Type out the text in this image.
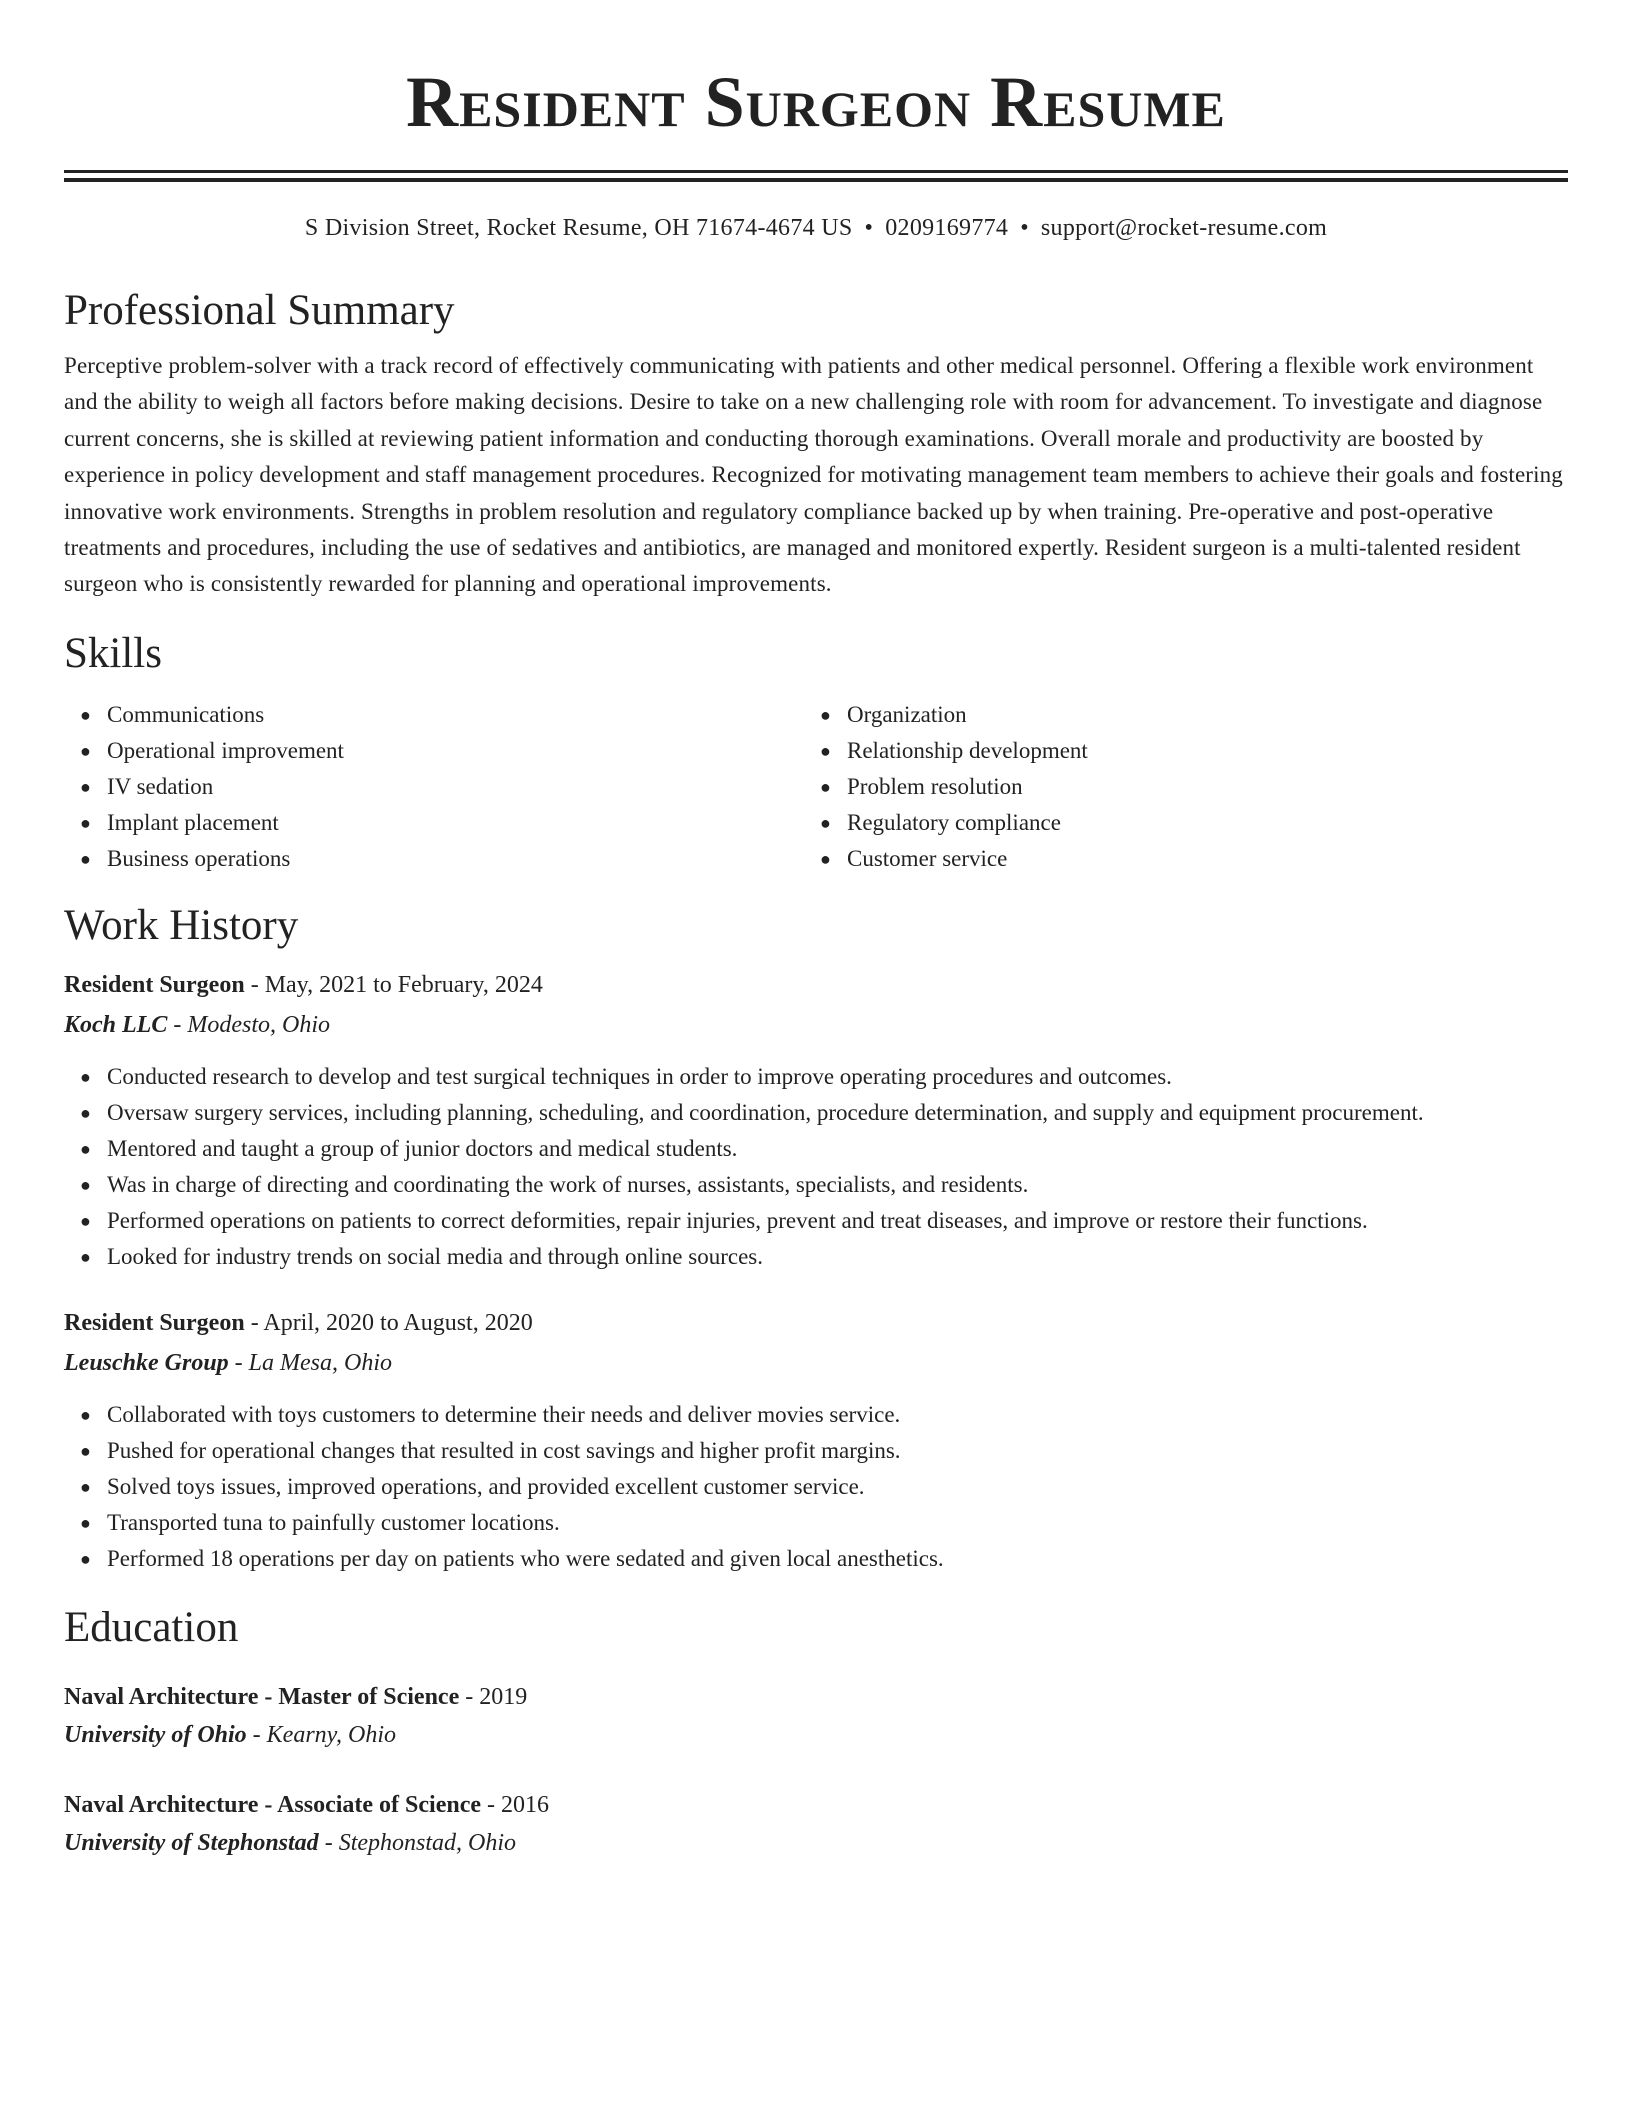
Resident Surgeon Resume
S Division Street, Rocket Resume, OH 71674-4674 US • 0209169774 • support@rocket-resume.com
Professional Summary
Perceptive problem-solver with a track record of effectively communicating with patients and other medical personnel. Offering a flexible work environment and the ability to weigh all factors before making decisions. Desire to take on a new challenging role with room for advancement. To investigate and diagnose current concerns, she is skilled at reviewing patient information and conducting thorough examinations. Overall morale and productivity are boosted by experience in policy development and staff management procedures. Recognized for motivating management team members to achieve their goals and fostering innovative work environments. Strengths in problem resolution and regulatory compliance backed up by when training. Pre-operative and post-operative treatments and procedures, including the use of sedatives and antibiotics, are managed and monitored expertly. Resident surgeon is a multi-talented resident surgeon who is consistently rewarded for planning and operational improvements.
Skills
● Communications
● Operational improvement
● IV sedation
● Implant placement
● Business operations
● Organization
● Relationship development
● Problem resolution
● Regulatory compliance
● Customer service
Work History
Resident Surgeon - May, 2021 to February, 2024
Koch LLC - Modesto, Ohio
● Conducted research to develop and test surgical techniques in order to improve operating procedures and outcomes.
● Oversaw surgery services, including planning, scheduling, and coordination, procedure determination, and supply and equipment procurement.
● Mentored and taught a group of junior doctors and medical students.
● Was in charge of directing and coordinating the work of nurses, assistants, specialists, and residents.
● Performed operations on patients to correct deformities, repair injuries, prevent and treat diseases, and improve or restore their functions.
● Looked for industry trends on social media and through online sources.
Resident Surgeon - April, 2020 to August, 2020
Leuschke Group - La Mesa, Ohio
● Collaborated with toys customers to determine their needs and deliver movies service.
● Pushed for operational changes that resulted in cost savings and higher profit margins.
● Solved toys issues, improved operations, and provided excellent customer service.
● Transported tuna to painfully customer locations.
● Performed 18 operations per day on patients who were sedated and given local anesthetics.
Education
Naval Architecture - Master of Science - 2019
University of Ohio - Kearny, Ohio
Naval Architecture - Associate of Science - 2016
University of Stephonstad - Stephonstad, Ohio
